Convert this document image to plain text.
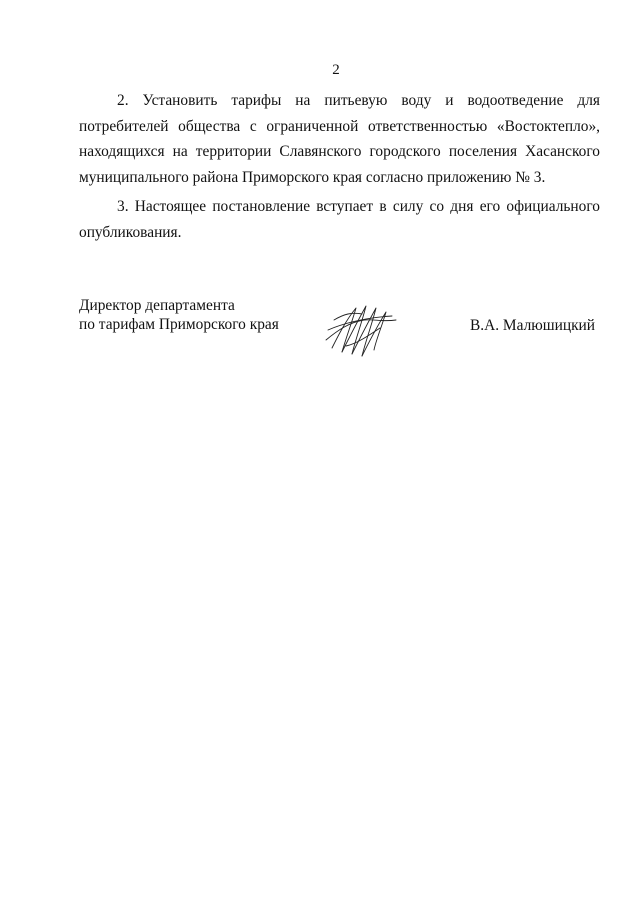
2

2. Установить тарифы на питьевую воду и водоотведение для потребителей общества с ограниченной ответственностью «Востоктепло», находящихся на территории Славянского городского поселения Хасанского муниципального района Приморского края согласно приложению № 3.

3. Настоящее постановление вступает в силу со дня его официального опубликования.

Директор департамента
по тарифам Приморского края	В.А. Малюшицкий
